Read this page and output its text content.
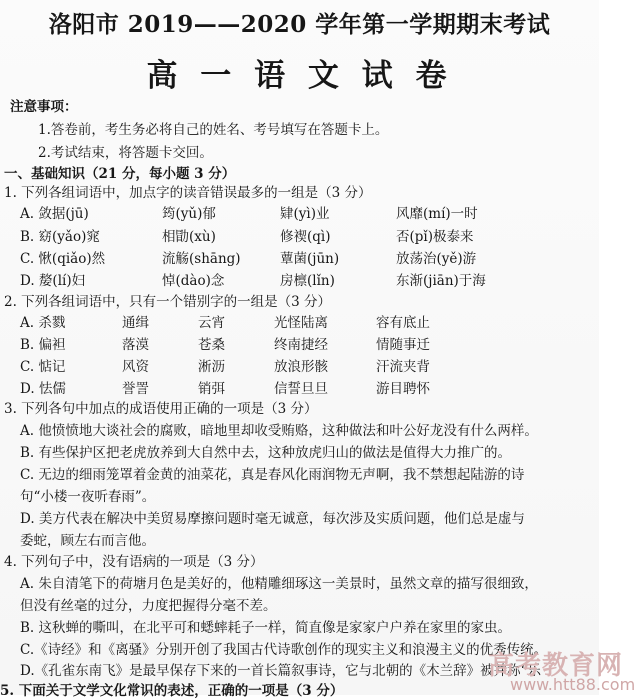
洛阳市 2019——2020 学年第一学期期末考试
高 一 语 文 试 卷
注意事项：
1.答卷前，考生务必将自己的姓名、考号填写在答题卡上。
2.考试结束，将答题卡交回。
一、基础知识（21 分，每小题 3 分）
1. 下列各组词语中，加点字的读音错误最多的一组是（3 分）
A. 敛据(jū)	筠(yǔ)郁	肄(yì)业	风靡(mí)一时
B. 窈(yǎo)窕	相勖(xù)	修褉(qì)	否(pǐ)极泰来
C. 愀(qiǎo)然	流觞(shāng)	蕈菌(jūn)	放荡治(yě)游
D. 嫠(lí)妇	悼(dào)念	房檩(lǐn)	东渐(jiān)于海
2. 下列各组词语中，只有一个错别字的一组是（3 分）
A. 杀戮	通缉	云宵	光怪陆离	容有底止
B. 偏袒	落漠	苍桑	终南捷经	情随事迁
C. 惦记	风资	淅沥	放浪形骸	汗流夹背
D. 怯儒	誉詈	销弭	信誓旦旦	游目聘怀
3. 下列各句中加点的成语使用正确的一项是（3 分）
A. 他愤愤地大谈社会的腐败，暗地里却收受贿赂，这种做法和叶公好龙没有什么两样。
B. 有些保护区把老虎放养到大自然中去，这种放虎归山的做法是值得大力推广的。
C. 无边的细雨笼罩着金黄的油菜花，真是春风化雨润物无声啊，我不禁想起陆游的诗
句“小楼一夜听春雨”。
D. 美方代表在解决中美贸易摩擦问题时毫无诚意，每次涉及实质问题，他们总是虚与
委蛇，顾左右而言他。
4. 下列句子中，没有语病的一项是（3 分）
A. 朱自清笔下的荷塘月色是美好的，他精雕细琢这一美景时，虽然文章的描写很细致，
但没有丝毫的过分，力度把握得分毫不差。
B. 这秋蝉的嘶叫，在北平可和蟋蟀耗子一样，简直像是家家户户养在家里的家虫。
C.《诗经》和《离骚》分别开创了我国古代诗歌创作的现实主义和浪漫主义的优秀传统。
D.《孔雀东南飞》是最早保存下来的一首长篇叙事诗，它与北朝的《木兰辞》被并称“乐
5. 下面关于文学文化常识的表述，正确的一项是（3 分）
高考教育网
www.htt88.com
